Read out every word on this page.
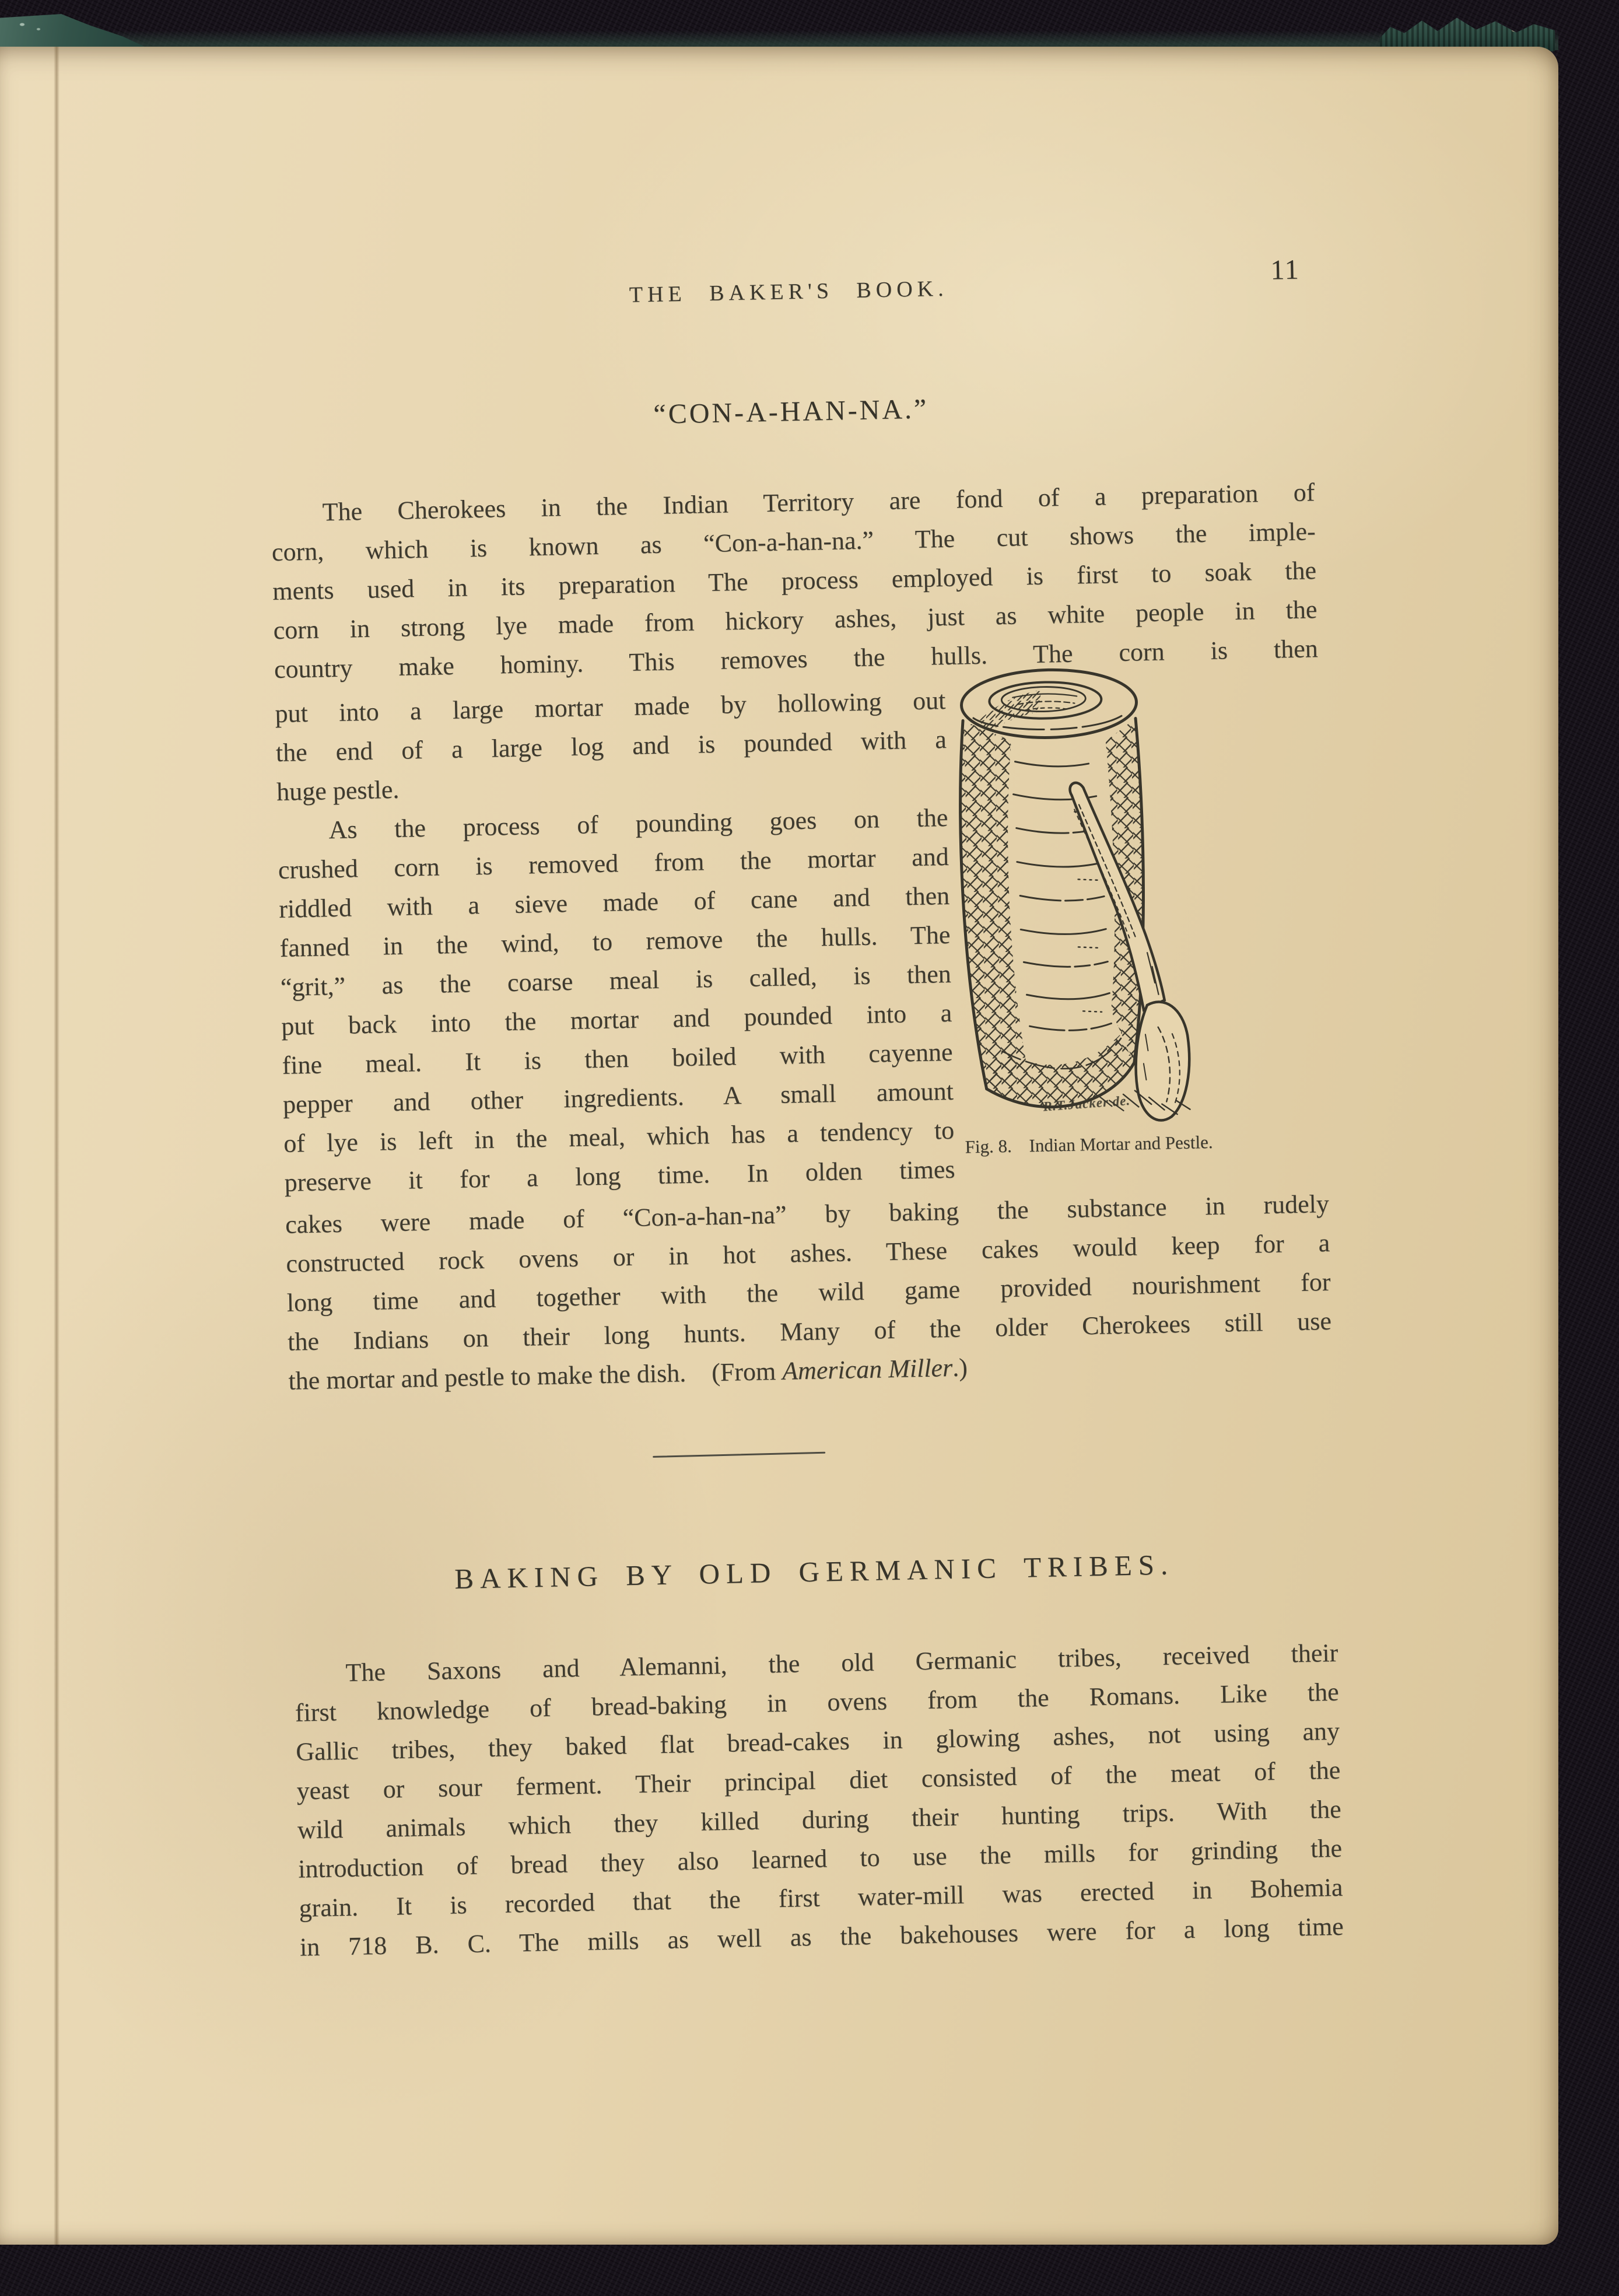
THE BAKER'S BOOK.
11
“CON-A-HAN-NA.”
The Cherokees in the Indian Territory are fond of a preparation of
corn, which is known as “Con-a-han-na.” The cut shows the imple-
ments used in its preparation The process employed is first to soak the
corn in strong lye made from hickory ashes, just as white people in the
country make hominy. This removes the hulls. The corn is then
put into a large mortar made by hollowing out
the end of a large log and is pounded with a
huge pestle.
As the process of pounding goes on the
crushed corn is removed from the mortar and
riddled with a sieve made of cane and then
fanned in the wind, to remove the hulls. The
“grit,” as the coarse meal is called, is then
put back into the mortar and pounded into a
fine meal. It is then boiled with cayenne
pepper and other ingredients. A small amount
of lye is left in the meal, which has a tendency to
preserve it for a long time. In olden times
R.T.Jacker de.
Fig. 8. Indian Mortar and Pestle.
cakes were made of “Con-a-han-na” by baking the substance in rudely
constructed rock ovens or in hot ashes. These cakes would keep for a
long time and together with the wild game provided nourishment for
the Indians on their long hunts. Many of the older Cherokees still use
the mortar and pestle to make the dish.  (From American Miller.)
BAKING BY OLD GERMANIC TRIBES.
The Saxons and Alemanni, the old Germanic tribes, received their
first knowledge of bread-baking in ovens from the Romans. Like the
Gallic tribes, they baked flat bread-cakes in glowing ashes, not using any
yeast or sour ferment. Their principal diet consisted of the meat of the
wild animals which they killed during their hunting trips. With the
introduction of bread they also learned to use the mills for grinding the
grain. It is recorded that the first water-mill was erected in Bohemia
in 718 B. C. The mills as well as the bakehouses were for a long time
